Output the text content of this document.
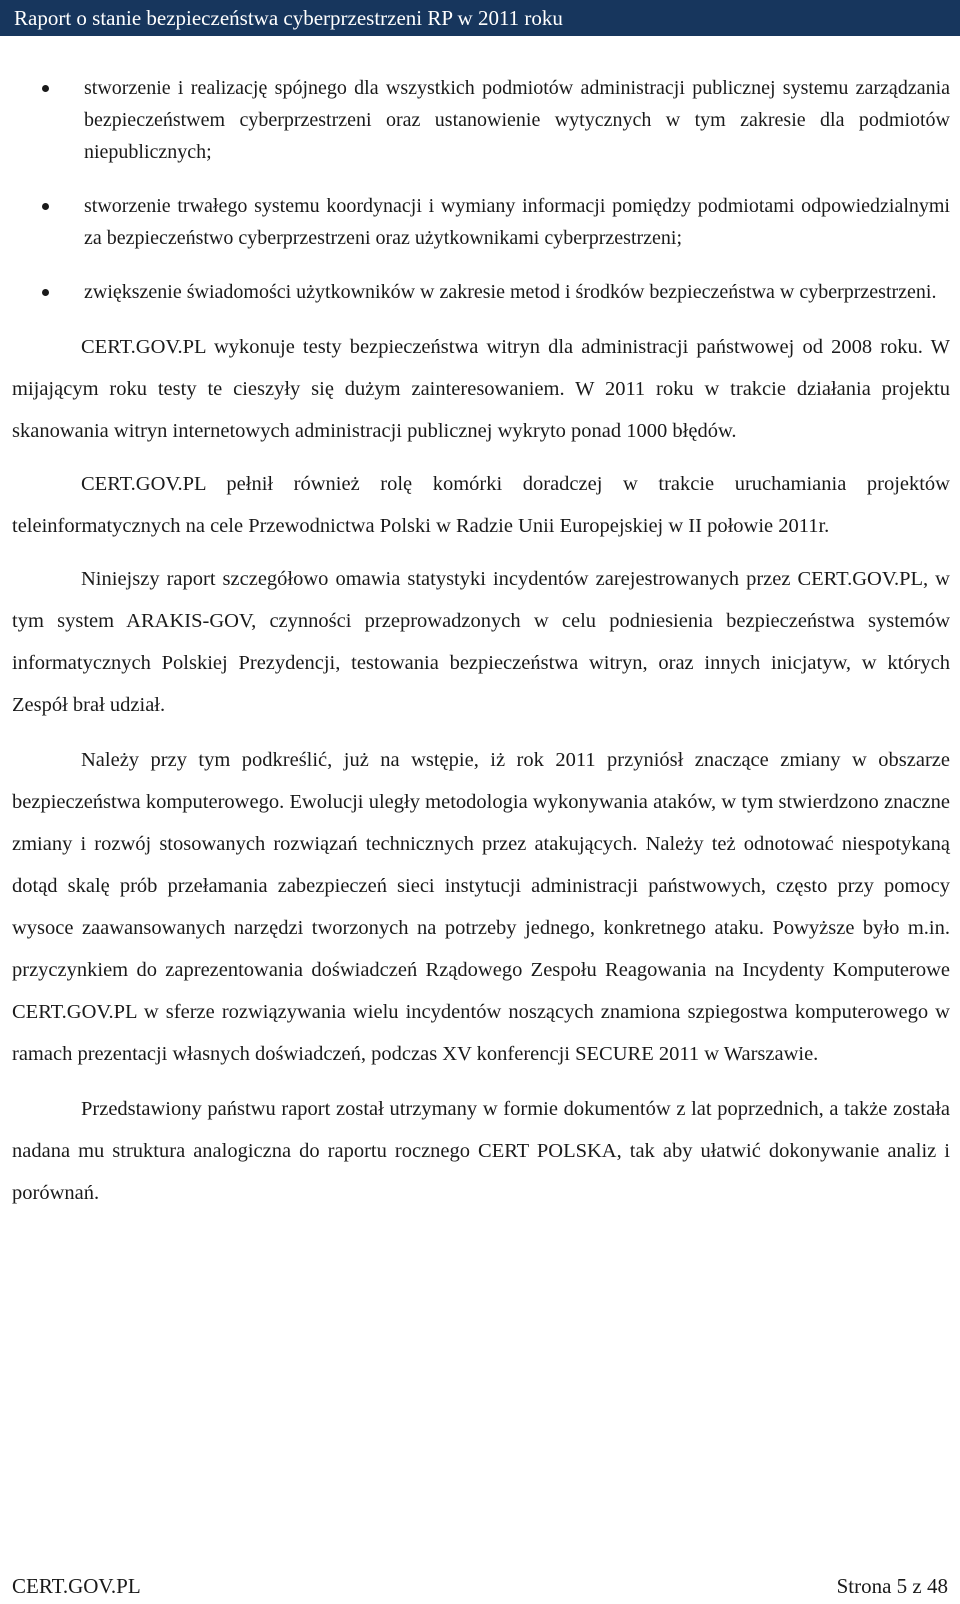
Raport o stanie bezpieczeństwa cyberprzestrzeni RP w 2011 roku
stworzenie i realizację spójnego dla wszystkich podmiotów administracji publicznej systemu zarządzania bezpieczeństwem cyberprzestrzeni oraz ustanowienie wytycznych w tym zakresie dla podmiotów niepublicznych;
stworzenie trwałego systemu koordynacji i wymiany informacji pomiędzy podmiotami odpowiedzialnymi za bezpieczeństwo cyberprzestrzeni oraz użytkownikami cyberprzestrzeni;
zwiększenie świadomości użytkowników w zakresie metod i środków bezpieczeństwa w cyberprzestrzeni.

CERT.GOV.PL wykonuje testy bezpieczeństwa witryn dla administracji państwowej od 2008 roku. W mijającym roku testy te cieszyły się dużym zainteresowaniem. W 2011 roku w trakcie działania projektu skanowania witryn internetowych administracji publicznej wykryto ponad 1000 błędów.

CERT.GOV.PL pełnił również rolę komórki doradczej w trakcie uruchamiania projektów teleinformatycznych na cele Przewodnictwa Polski w Radzie Unii Europejskiej w II połowie 2011r.

Niniejszy raport szczegółowo omawia statystyki incydentów zarejestrowanych przez CERT.GOV.PL, w tym system ARAKIS-GOV, czynności przeprowadzonych w celu podniesienia bezpieczeństwa systemów informatycznych Polskiej Prezydencji, testowania bezpieczeństwa witryn, oraz innych inicjatyw, w których Zespół brał udział.

Należy przy tym podkreślić, już na wstępie, iż rok 2011 przyniósł znaczące zmiany w obszarze bezpieczeństwa komputerowego. Ewolucji uległy metodologia wykonywania ataków, w tym stwierdzono znaczne zmiany i rozwój stosowanych rozwiązań technicznych przez atakujących. Należy też odnotować niespotykaną dotąd skalę prób przełamania zabezpieczeń sieci instytucji administracji państwowych, często przy pomocy wysoce zaawansowanych narzędzi tworzonych na potrzeby jednego, konkretnego ataku. Powyższe było m.in. przyczynkiem do zaprezentowania doświadczeń Rządowego Zespołu Reagowania na Incydenty Komputerowe CERT.GOV.PL w sferze rozwiązywania wielu incydentów noszących znamiona szpiegostwa komputerowego w ramach prezentacji własnych doświadczeń, podczas XV konferencji SECURE 2011 w Warszawie.

Przedstawiony państwu raport został utrzymany w formie dokumentów z lat poprzednich, a także została nadana mu struktura analogiczna do raportu rocznego CERT POLSKA, tak aby ułatwić dokonywanie analiz i porównań.

CERT.GOV.PL	Strona 5 z 48
